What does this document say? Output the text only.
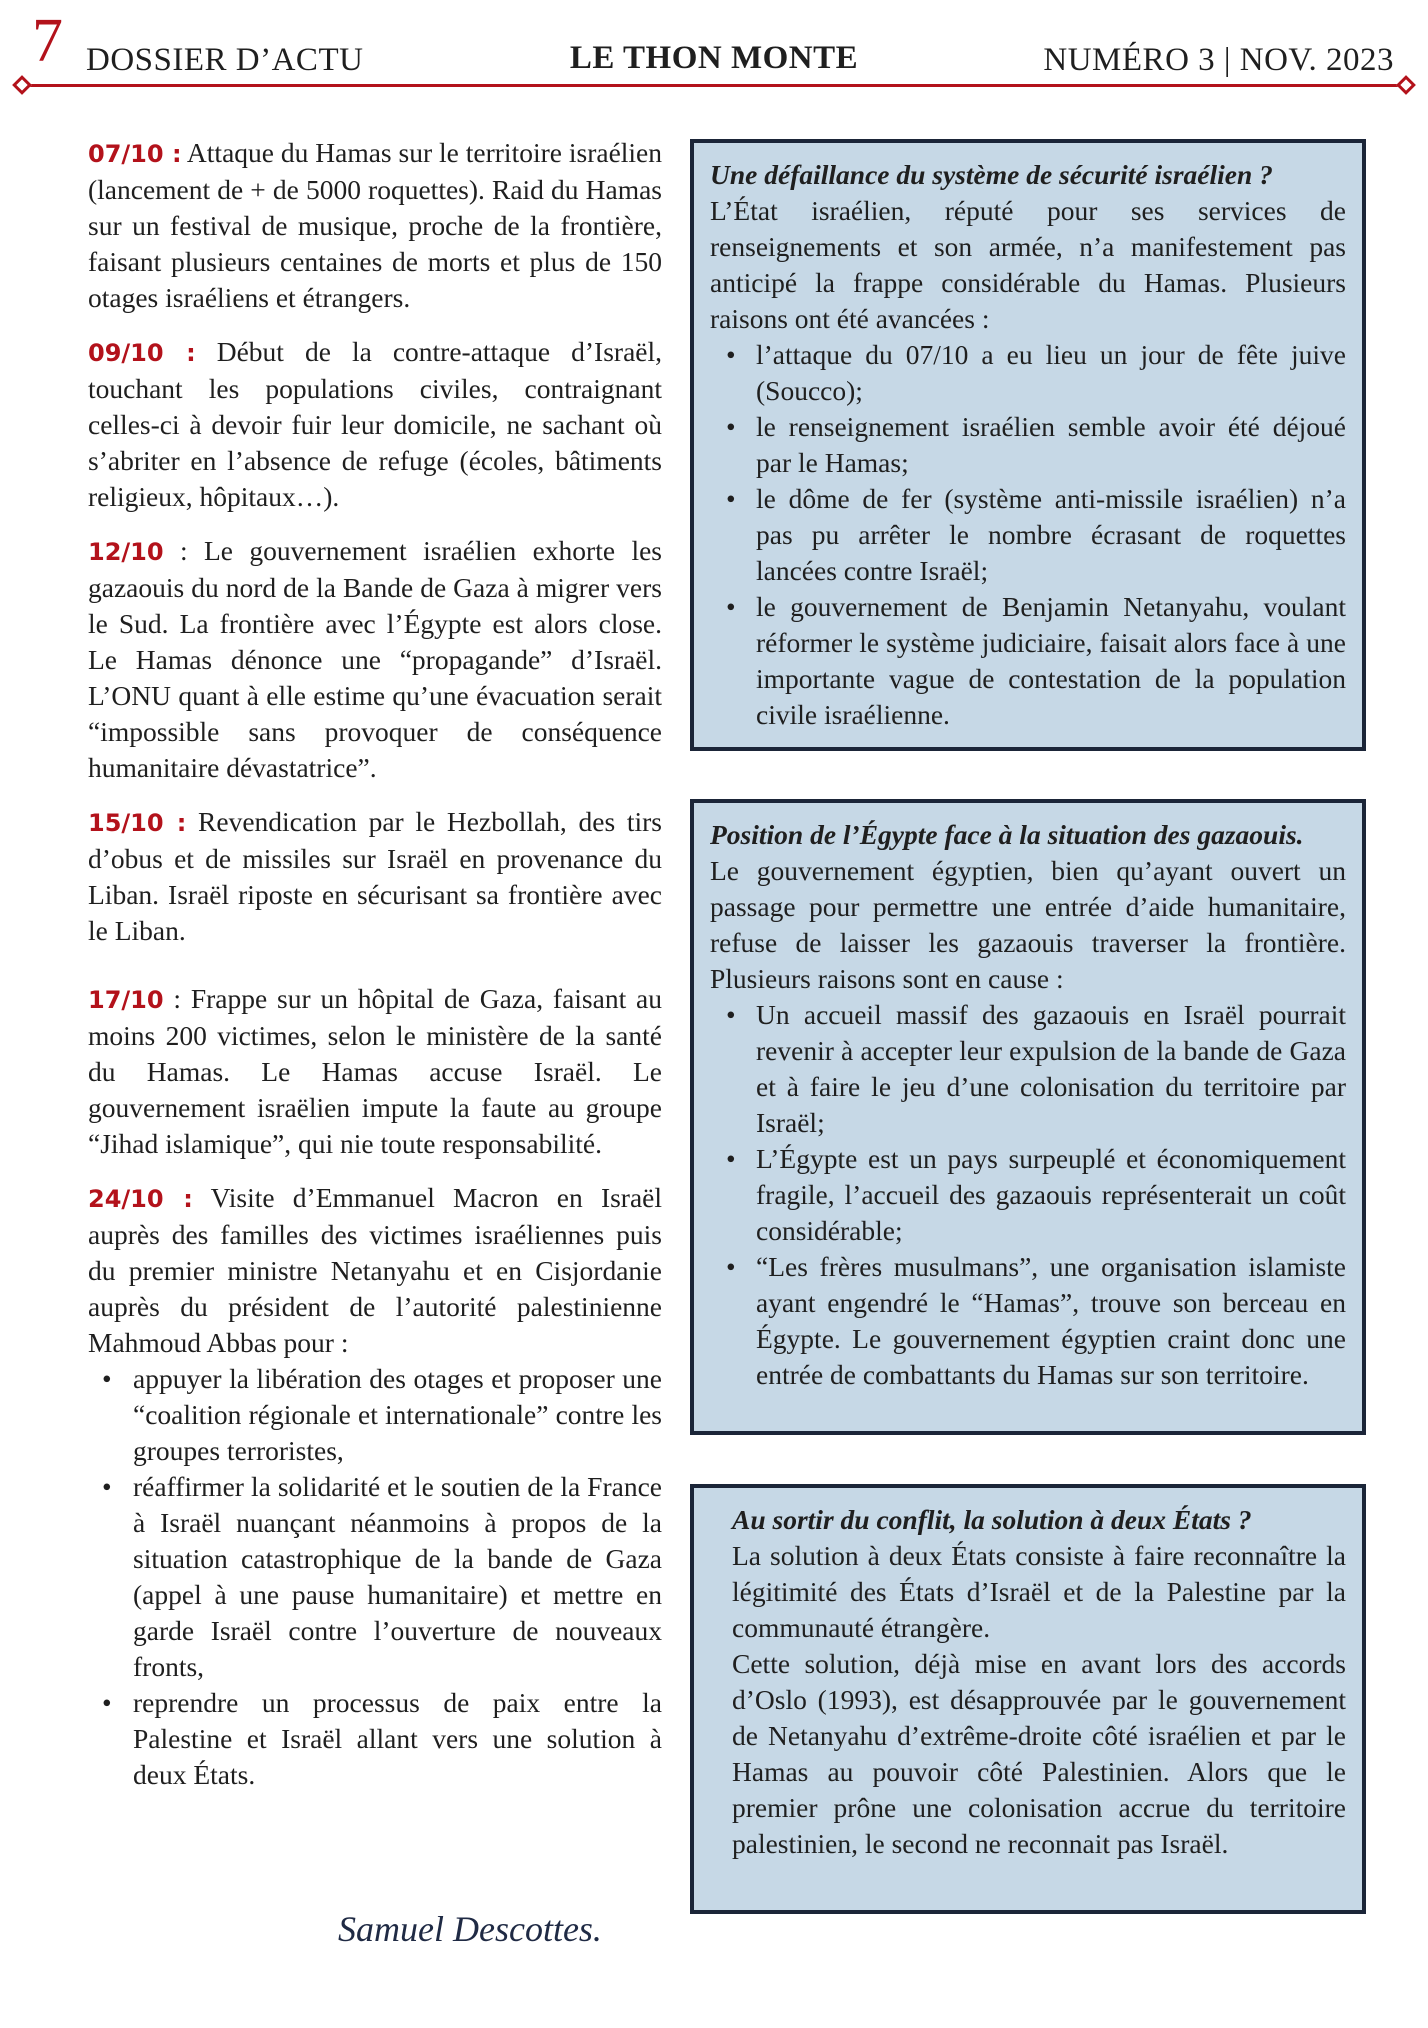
7 DOSSIER D’ACTU	LE THON MONTE	NUMÉRO 3 | NOV. 2023

07/10 : Attaque du Hamas sur le territoire israélien (lancement de + de 5000 roquettes). Raid du Hamas sur un festival de musique, proche de la frontière, faisant plusieurs centaines de morts et plus de 150 otages israéliens et étrangers.

09/10 : Début de la contre-attaque d’Israël, touchant les populations civiles, contraignant celles-ci à devoir fuir leur domicile, ne sachant où s’abriter en l’absence de refuge (écoles, bâtiments religieux, hôpitaux…).

12/10 : Le gouvernement israélien exhorte les gazaouis du nord de la Bande de Gaza à migrer vers le Sud. La frontière avec l’Égypte est alors close. Le Hamas dénonce une “propagande” d’Israël. L’ONU quant à elle estime qu’une évacuation serait “impossible sans provoquer de conséquence humanitaire dévastatrice”.

15/10 : Revendication par le Hezbollah, des tirs d’obus et de missiles sur Israël en provenance du Liban. Israël riposte en sécurisant sa frontière avec le Liban.

17/10 : Frappe sur un hôpital de Gaza, faisant au moins 200 victimes, selon le ministère de la santé du Hamas. Le Hamas accuse Israël. Le gouvernement israëlien impute la faute au groupe “Jihad islamique”, qui nie toute responsabilité.

24/10 : Visite d’Emmanuel Macron en Israël auprès des familles des victimes israéliennes puis du premier ministre Netanyahu et en Cisjordanie auprès du président de l’autorité palestinienne Mahmoud Abbas pour :

• appuyer la libération des otages et proposer une “coalition régionale et internationale” contre les groupes terroristes,
• réaffirmer la solidarité et le soutien de la France à Israël nuançant néanmoins à propos de la situation catastrophique de la bande de Gaza (appel à une pause humanitaire) et mettre en garde Israël contre l’ouverture de nouveaux fronts,
• reprendre un processus de paix entre la Palestine et Israël allant vers une solution à deux États.
Samuel Descottes.
Une défaillance du système de sécurité israélien ?

L’État israélien, réputé pour ses services de renseignements et son armée, n’a manifestement pas anticipé la frappe considérable du Hamas. Plusieurs raisons ont été avancées :

• l’attaque du 07/10 a eu lieu un jour de fête juive (Soucco);
• le renseignement israélien semble avoir été déjoué par le Hamas;
• le dôme de fer (système anti-missile israélien) n’a pas pu arrêter le nombre écrasant de roquettes lancées contre Israël;
• le gouvernement de Benjamin Netanyahu, voulant réformer le système judiciaire, faisait alors face à une importante vague de contestation de la population civile israélienne.
Position de l’Égypte face à la situation des gazaouis.

Le gouvernement égyptien, bien qu’ayant ouvert un passage pour permettre une entrée d’aide humanitaire, refuse de laisser les gazaouis traverser la frontière. Plusieurs raisons sont en cause :

• Un accueil massif des gazaouis en Israël pourrait revenir à accepter leur expulsion de la bande de Gaza et à faire le jeu d’une colonisation du territoire par Israël;
• L’Égypte est un pays surpeuplé et économiquement fragile, l’accueil des gazaouis représenterait un coût considérable;
• “Les frères musulmans”, une organisation islamiste ayant engendré le “Hamas”, trouve son berceau en Égypte. Le gouvernement égyptien craint donc une entrée de combattants du Hamas sur son territoire.
Au sortir du conflit, la solution à deux États ?

La solution à deux États consiste à faire reconnaître la légitimité des États d’Israël et de la Palestine par la communauté étrangère.

Cette solution, déjà mise en avant lors des accords d’Oslo (1993), est désapprouvée par le gouvernement de Netanyahu d’extrême-droite côté israélien et par le Hamas au pouvoir côté Palestinien. Alors que le premier prône une colonisation accrue du territoire palestinien, le second ne reconnait pas Israël.
